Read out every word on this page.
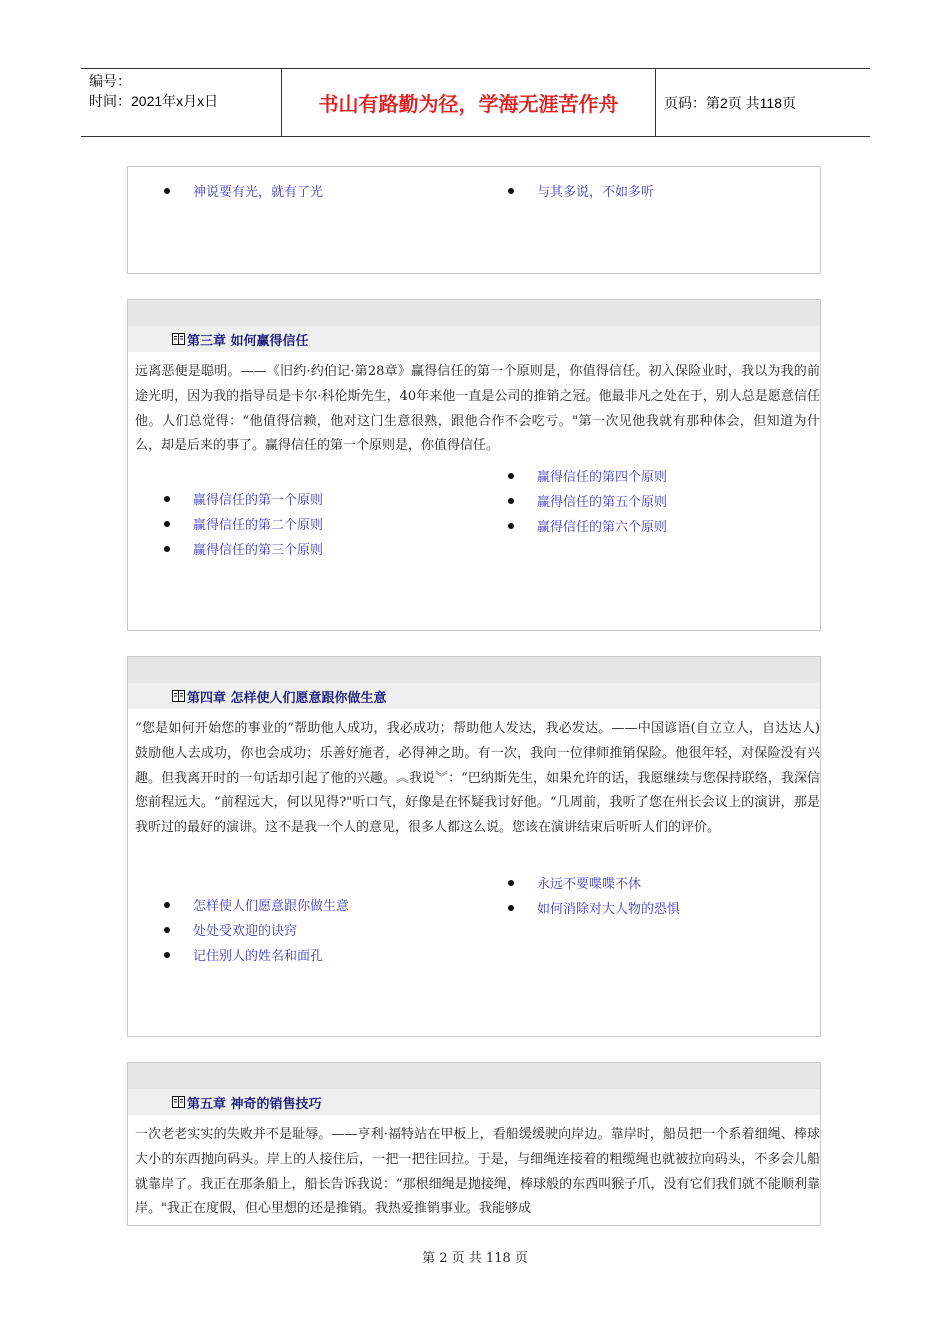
编号：
时间：2021年x月x日	书山有路勤为径，学海无涯苦作舟	页码：第2页 共118页
神说要有光，就有了光	与其多说，不如多听
第三章 如何赢得信任
远离恶便是聪明。——《旧约·约伯记·第28章》赢得信任的第一个原则是，你值得信任。初入保险业时，我以为我的前途光明，因为我的指导员是卡尔·科伦斯先生，40年来他一直是公司的推销之冠。他最非凡之处在于，别人总是愿意信任他。人们总觉得：“他值得信赖，他对这门生意很熟，跟他合作不会吃亏。"第一次见他我就有那种体会，但知道为什么，却是后来的事了。赢得信任的第一个原则是，你值得信任。
赢得信任的第一个原则
赢得信任的第二个原则
赢得信任的第三个原则
赢得信任的第四个原则
赢得信任的第五个原则
赢得信任的第六个原则
第四章 怎样使人们愿意跟你做生意
“您是如何开始您的事业的”帮助他人成功，我必成功；帮助他人发达，我必发达。——中国谚语(自立立人，自达达人)鼓励他人去成功，你也会成功；乐善好施者，必得神之助。有一次，我向一位律师推销保险。他很年轻，对保险没有兴趣。但我离开时的一句话却引起了他的兴趣。︽我说︾：“巴纳斯先生，如果允许的话，我愿继续与您保持联络，我深信您前程远大。“前程远大，何以见得?"听口气，好像是在怀疑我讨好他。“几周前，我听了您在州长会议上的演讲，那是我听过的最好的演讲。这不是我一个人的意见，很多人都这么说。您该在演讲结束后听听人们的评价。
怎样使人们愿意跟你做生意
处处受欢迎的诀窍
记住别人的姓名和面孔
永远不要喋喋不休
如何消除对大人物的恐惧
第五章 神奇的销售技巧
一次老老实实的失败并不是耻辱。——亨利·福特站在甲板上，看船缓缓驶向岸边。靠岸时，船员把一个系着细绳、棒球大小的东西抛向码头。岸上的人接住后，一把一把往回拉。于是，与细绳连接着的粗缆绳也就被拉向码头，不多会儿船就靠岸了。我正在那条船上，船长告诉我说：“那根细绳是抛接绳，棒球般的东西叫猴子爪，没有它们我们就不能顺利靠岸。"我正在度假，但心里想的还是推销。我热爱推销事业。我能够成
第 2 页 共 118 页
